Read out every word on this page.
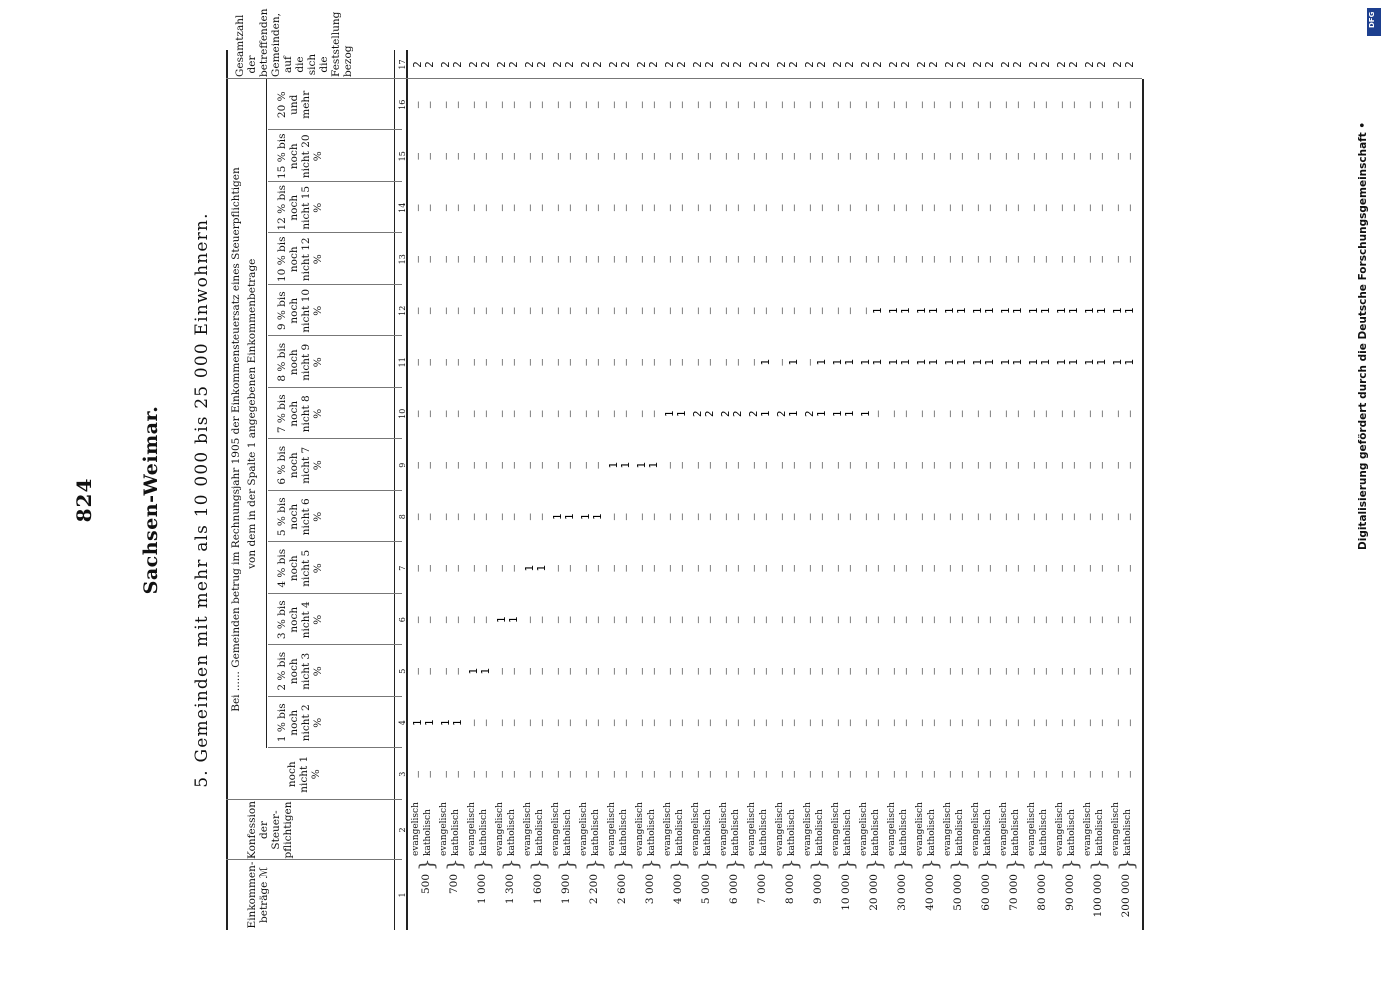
824 Sachsen-Weimar. 5. Gemeinden mit mehr als 10 000 bis 25 000 Einwohnern.
Einkommen-beträge ℳ
Konfession der Steuer-pflichtigen
Bei ...... Gemeinden betrug im Rechnungsjahr 1905 der Einkommensteuersatz eines Steuerpflichtigen von dem in der Spalte 1 angegebenen Einkommenbetrage
Gesamtzahl der betreffenden Gemeinden, auf die sich die Feststellung bezog
noch nicht 1 %
1 % bis noch nicht 2 %
2 % bis noch nicht 3 %
3 % bis noch nicht 4 %
4 % bis noch nicht 5 %
5 % bis noch nicht 6 %
6 % bis noch nicht 7 %
7 % bis noch nicht 8 %
8 % bis noch nicht 9 %
9 % bis noch nicht 10 %
10 % bis noch nicht 12 %
12 % bis noch nicht 15 %
15 % bis noch nicht 20 %
20 % und mehr
1
2
3
4
5
6
7
8
9
10
11
12
13
14
15
16
17
500
}
evangelisch
—
1
—
—
—
—
—
—
—
—
—
—
—
—
2
katholisch
—
1
—
—
—
—
—
—
—
—
—
—
—
—
2
700
}
evangelisch
—
1
—
—
—
—
—
—
—
—
—
—
—
—
2
katholisch
—
1
—
—
—
—
—
—
—
—
—
—
—
—
2
1 000
}
evangelisch
—
—
1
—
—
—
—
—
—
—
—
—
—
—
2
katholisch
—
—
1
—
—
—
—
—
—
—
—
—
—
—
2
1 300
}
evangelisch
—
—
—
1
—
—
—
—
—
—
—
—
—
—
2
katholisch
—
—
—
1
—
—
—
—
—
—
—
—
—
—
2
1 600
}
evangelisch
—
—
—
—
1
—
—
—
—
—
—
—
—
—
2
katholisch
—
—
—
—
1
—
—
—
—
—
—
—
—
—
2
1 900
}
evangelisch
—
—
—
—
—
1
—
—
—
—
—
—
—
—
2
katholisch
—
—
—
—
—
1
—
—
—
—
—
—
—
—
2
2 200
}
evangelisch
—
—
—
—
—
1
—
—
—
—
—
—
—
—
2
katholisch
—
—
—
—
—
1
—
—
—
—
—
—
—
—
2
2 600
}
evangelisch
—
—
—
—
—
—
1
—
—
—
—
—
—
—
2
katholisch
—
—
—
—
—
—
1
—
—
—
—
—
—
—
2
3 000
}
evangelisch
—
—
—
—
—
—
1
—
—
—
—
—
—
—
2
katholisch
—
—
—
—
—
—
1
—
—
—
—
—
—
—
2
4 000
}
evangelisch
—
—
—
—
—
—
—
1
—
—
—
—
—
—
2
katholisch
—
—
—
—
—
—
—
1
—
—
—
—
—
—
2
5 000
}
evangelisch
—
—
—
—
—
—
—
2
—
—
—
—
—
—
2
katholisch
—
—
—
—
—
—
—
2
—
—
—
—
—
—
2
6 000
}
evangelisch
—
—
—
—
—
—
—
2
—
—
—
—
—
—
2
katholisch
—
—
—
—
—
—
—
2
—
—
—
—
—
—
2
7 000
}
evangelisch
—
—
—
—
—
—
—
2
—
—
—
—
—
—
2
katholisch
—
—
—
—
—
—
—
1
1
—
—
—
—
—
2
8 000
}
evangelisch
—
—
—
—
—
—
—
2
—
—
—
—
—
—
2
katholisch
—
—
—
—
—
—
—
1
1
—
—
—
—
—
2
9 000
}
evangelisch
—
—
—
—
—
—
—
2
—
—
—
—
—
—
2
katholisch
—
—
—
—
—
—
—
1
1
—
—
—
—
—
2
10 000
}
evangelisch
—
—
—
—
—
—
—
1
1
—
—
—
—
—
2
katholisch
—
—
—
—
—
—
—
1
1
—
—
—
—
—
2
20 000
}
evangelisch
—
—
—
—
—
—
—
1
1
—
—
—
—
—
2
katholisch
—
—
—
—
—
—
—
—
1
1
—
—
—
—
2
30 000
}
evangelisch
—
—
—
—
—
—
—
—
1
1
—
—
—
—
2
katholisch
—
—
—
—
—
—
—
—
1
1
—
—
—
—
2
40 000
}
evangelisch
—
—
—
—
—
—
—
—
1
1
—
—
—
—
2
katholisch
—
—
—
—
—
—
—
—
1
1
—
—
—
—
2
50 000
}
evangelisch
—
—
—
—
—
—
—
—
1
1
—
—
—
—
2
katholisch
—
—
—
—
—
—
—
—
1
1
—
—
—
—
2
60 000
}
evangelisch
—
—
—
—
—
—
—
—
1
1
—
—
—
—
2
katholisch
—
—
—
—
—
—
—
—
1
1
—
—
—
—
2
70 000
}
evangelisch
—
—
—
—
—
—
—
—
1
1
—
—
—
—
2
katholisch
—
—
—
—
—
—
—
—
1
1
—
—
—
—
2
80 000
}
evangelisch
—
—
—
—
—
—
—
—
1
1
—
—
—
—
2
katholisch
—
—
—
—
—
—
—
—
1
1
—
—
—
—
2
90 000
}
evangelisch
—
—
—
—
—
—
—
—
1
1
—
—
—
—
2
katholisch
—
—
—
—
—
—
—
—
1
1
—
—
—
—
2
100 000
}
evangelisch
—
—
—
—
—
—
—
—
1
1
—
—
—
—
2
katholisch
—
—
—
—
—
—
—
—
1
1
—
—
—
—
2
200 000
}
evangelisch
—
—
—
—
—
—
—
—
1
1
—
—
—
—
2
katholisch
—
—
—
—
—
—
—
—
1
1
—
—
—
—
2
Digitalisierung gefördert durch die Deutsche Forschungsgemeinschaft •
DFG
